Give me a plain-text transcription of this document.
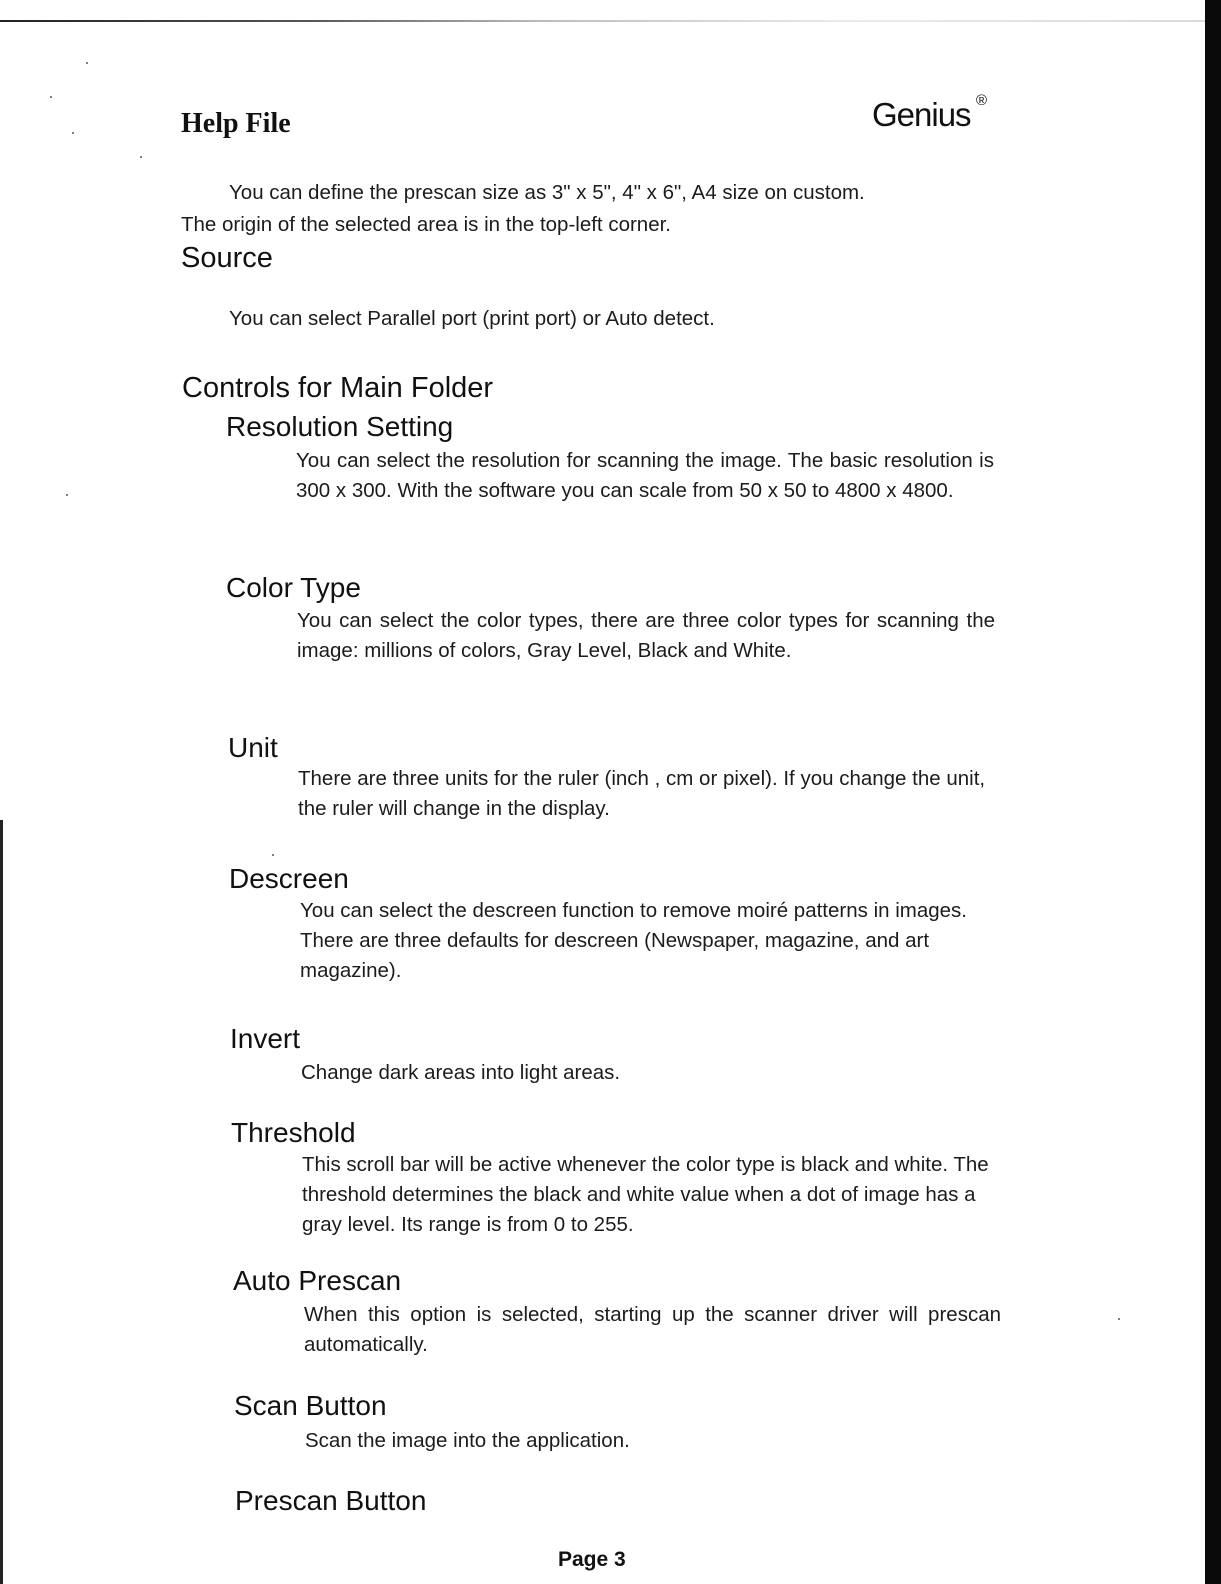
Help File	Genius ®
You can define the prescan size as 3" x 5", 4" x 6", A4 size on custom.
The origin of the selected area is in the top-left corner.
Source
You can select Parallel port (print port) or Auto detect.
Controls for Main Folder
Resolution Setting
You can select the resolution for scanning the image. The basic resolution is 300 x 300. With the software you can scale from 50 x 50 to 4800 x 4800.
Color Type
You can select the color types, there are three color types for scanning the image: millions of colors, Gray Level, Black and White.
Unit
There are three units for the ruler (inch , cm or pixel). If you change the unit, the ruler will change in the display.
Descreen
You can select the descreen function to remove moiré patterns in images. There are three defaults for descreen (Newspaper, magazine, and art magazine).
Invert
Change dark areas into light areas.
Threshold
This scroll bar will be active whenever the color type is black and white. The threshold determines the black and white value when a dot of image has a gray level. Its range is from 0 to 255.
Auto Prescan
When this option is selected, starting up the scanner driver will prescan automatically.
Scan Button
Scan the image into the application.
Prescan Button
Page 3
